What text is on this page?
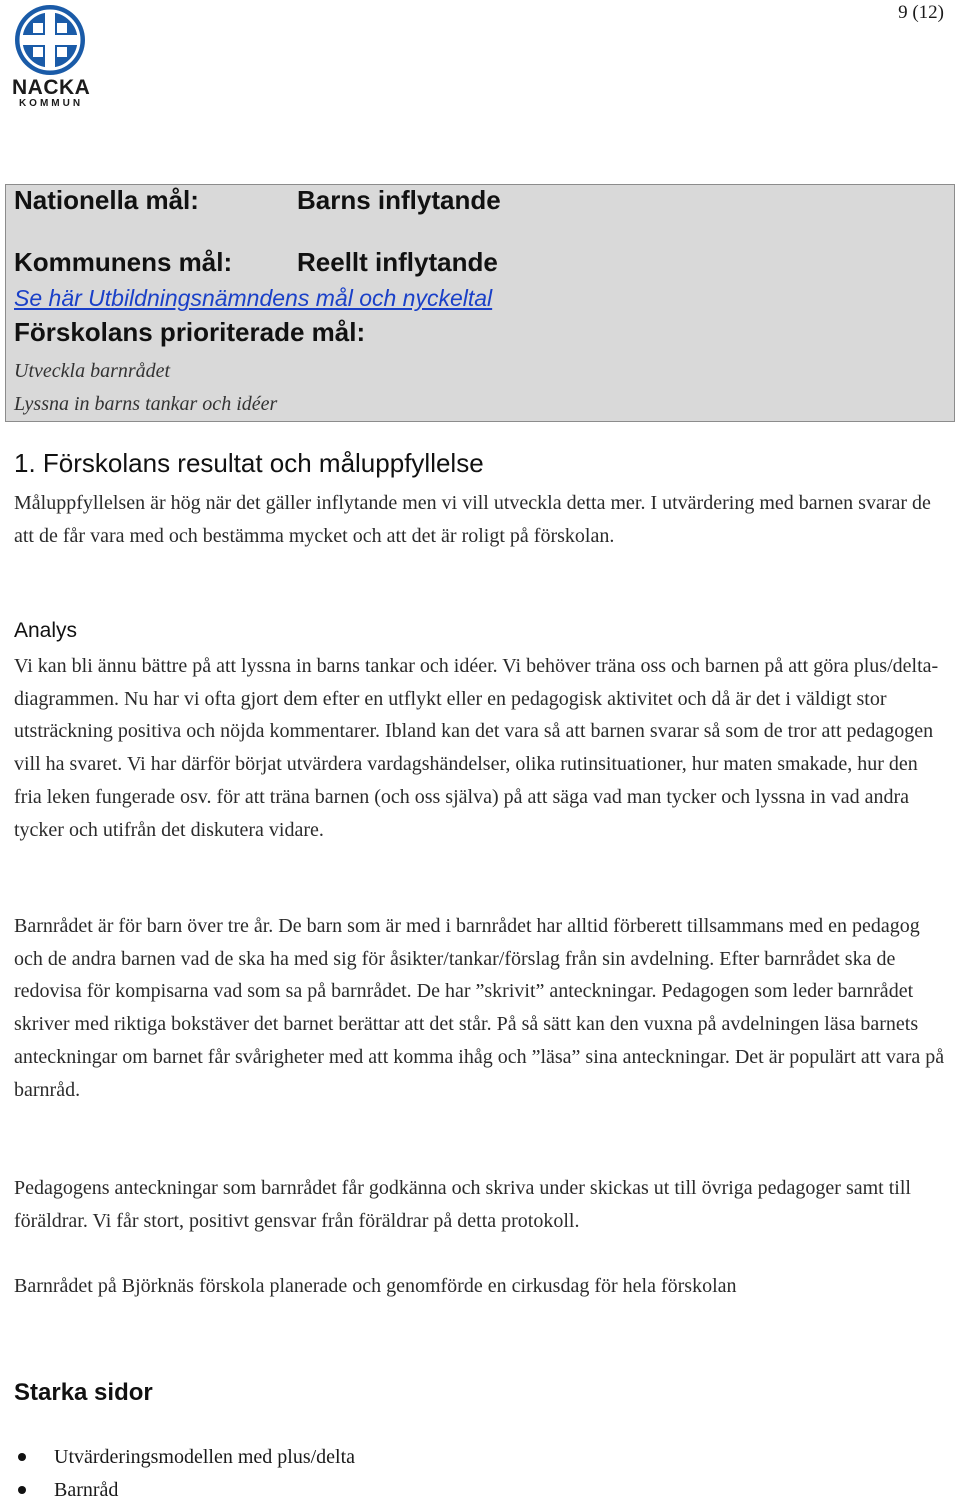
9 (12)
NACKA
KOMMUN
Nationella mål:	Barns inflytande
Kommunens mål: Reellt inflytande
Se här Utbildningsnämndens mål och nyckeltal
Förskolans prioriterade mål:
Utveckla barnrådet
Lyssna in barns tankar och idéer
1. Förskolans resultat och måluppfyllelse
Måluppfyllelsen är hög när det gäller inflytande men vi vill utveckla detta mer. I utvärdering med barnen svarar de att de får vara med och bestämma mycket och att det är roligt på förskolan.
Analys
Vi kan bli ännu bättre på att lyssna in barns tankar och idéer. Vi behöver träna oss och barnen på att göra plus/delta-diagrammen. Nu har vi ofta gjort dem efter en utflykt eller en pedagogisk aktivitet och då är det i väldigt stor utsträckning positiva och nöjda kommentarer. Ibland kan det vara så att barnen svarar så som de tror att pedagogen vill ha svaret. Vi har därför börjat utvärdera vardagshändelser, olika rutinsituationer, hur maten smakade, hur den fria leken fungerade osv. för att träna barnen (och oss själva) på att säga vad man tycker och lyssna in vad andra tycker och utifrån det diskutera vidare.
Barnrådet är för barn över tre år. De barn som är med i barnrådet har alltid förberett tillsammans med en pedagog och de andra barnen vad de ska ha med sig för åsikter/tankar/förslag från sin avdelning. Efter barnrådet ska de redovisa för kompisarna vad som sa på barnrådet. De har ”skrivit” anteckningar. Pedagogen som leder barnrådet skriver med riktiga bokstäver det barnet berättar att det står. På så sätt kan den vuxna på avdelningen läsa barnets anteckningar om barnet får svårigheter med att komma ihåg och ”läsa” sina anteckningar. Det är populärt att vara på barnråd.
Pedagogens anteckningar som barnrådet får godkänna och skriva under skickas ut till övriga pedagoger samt till föräldrar. Vi får stort, positivt gensvar från föräldrar på detta protokoll.
Barnrådet på Björknäs förskola planerade och genomförde en cirkusdag för hela förskolan
Starka sidor
Utvärderingsmodellen med plus/delta
Barnråd
